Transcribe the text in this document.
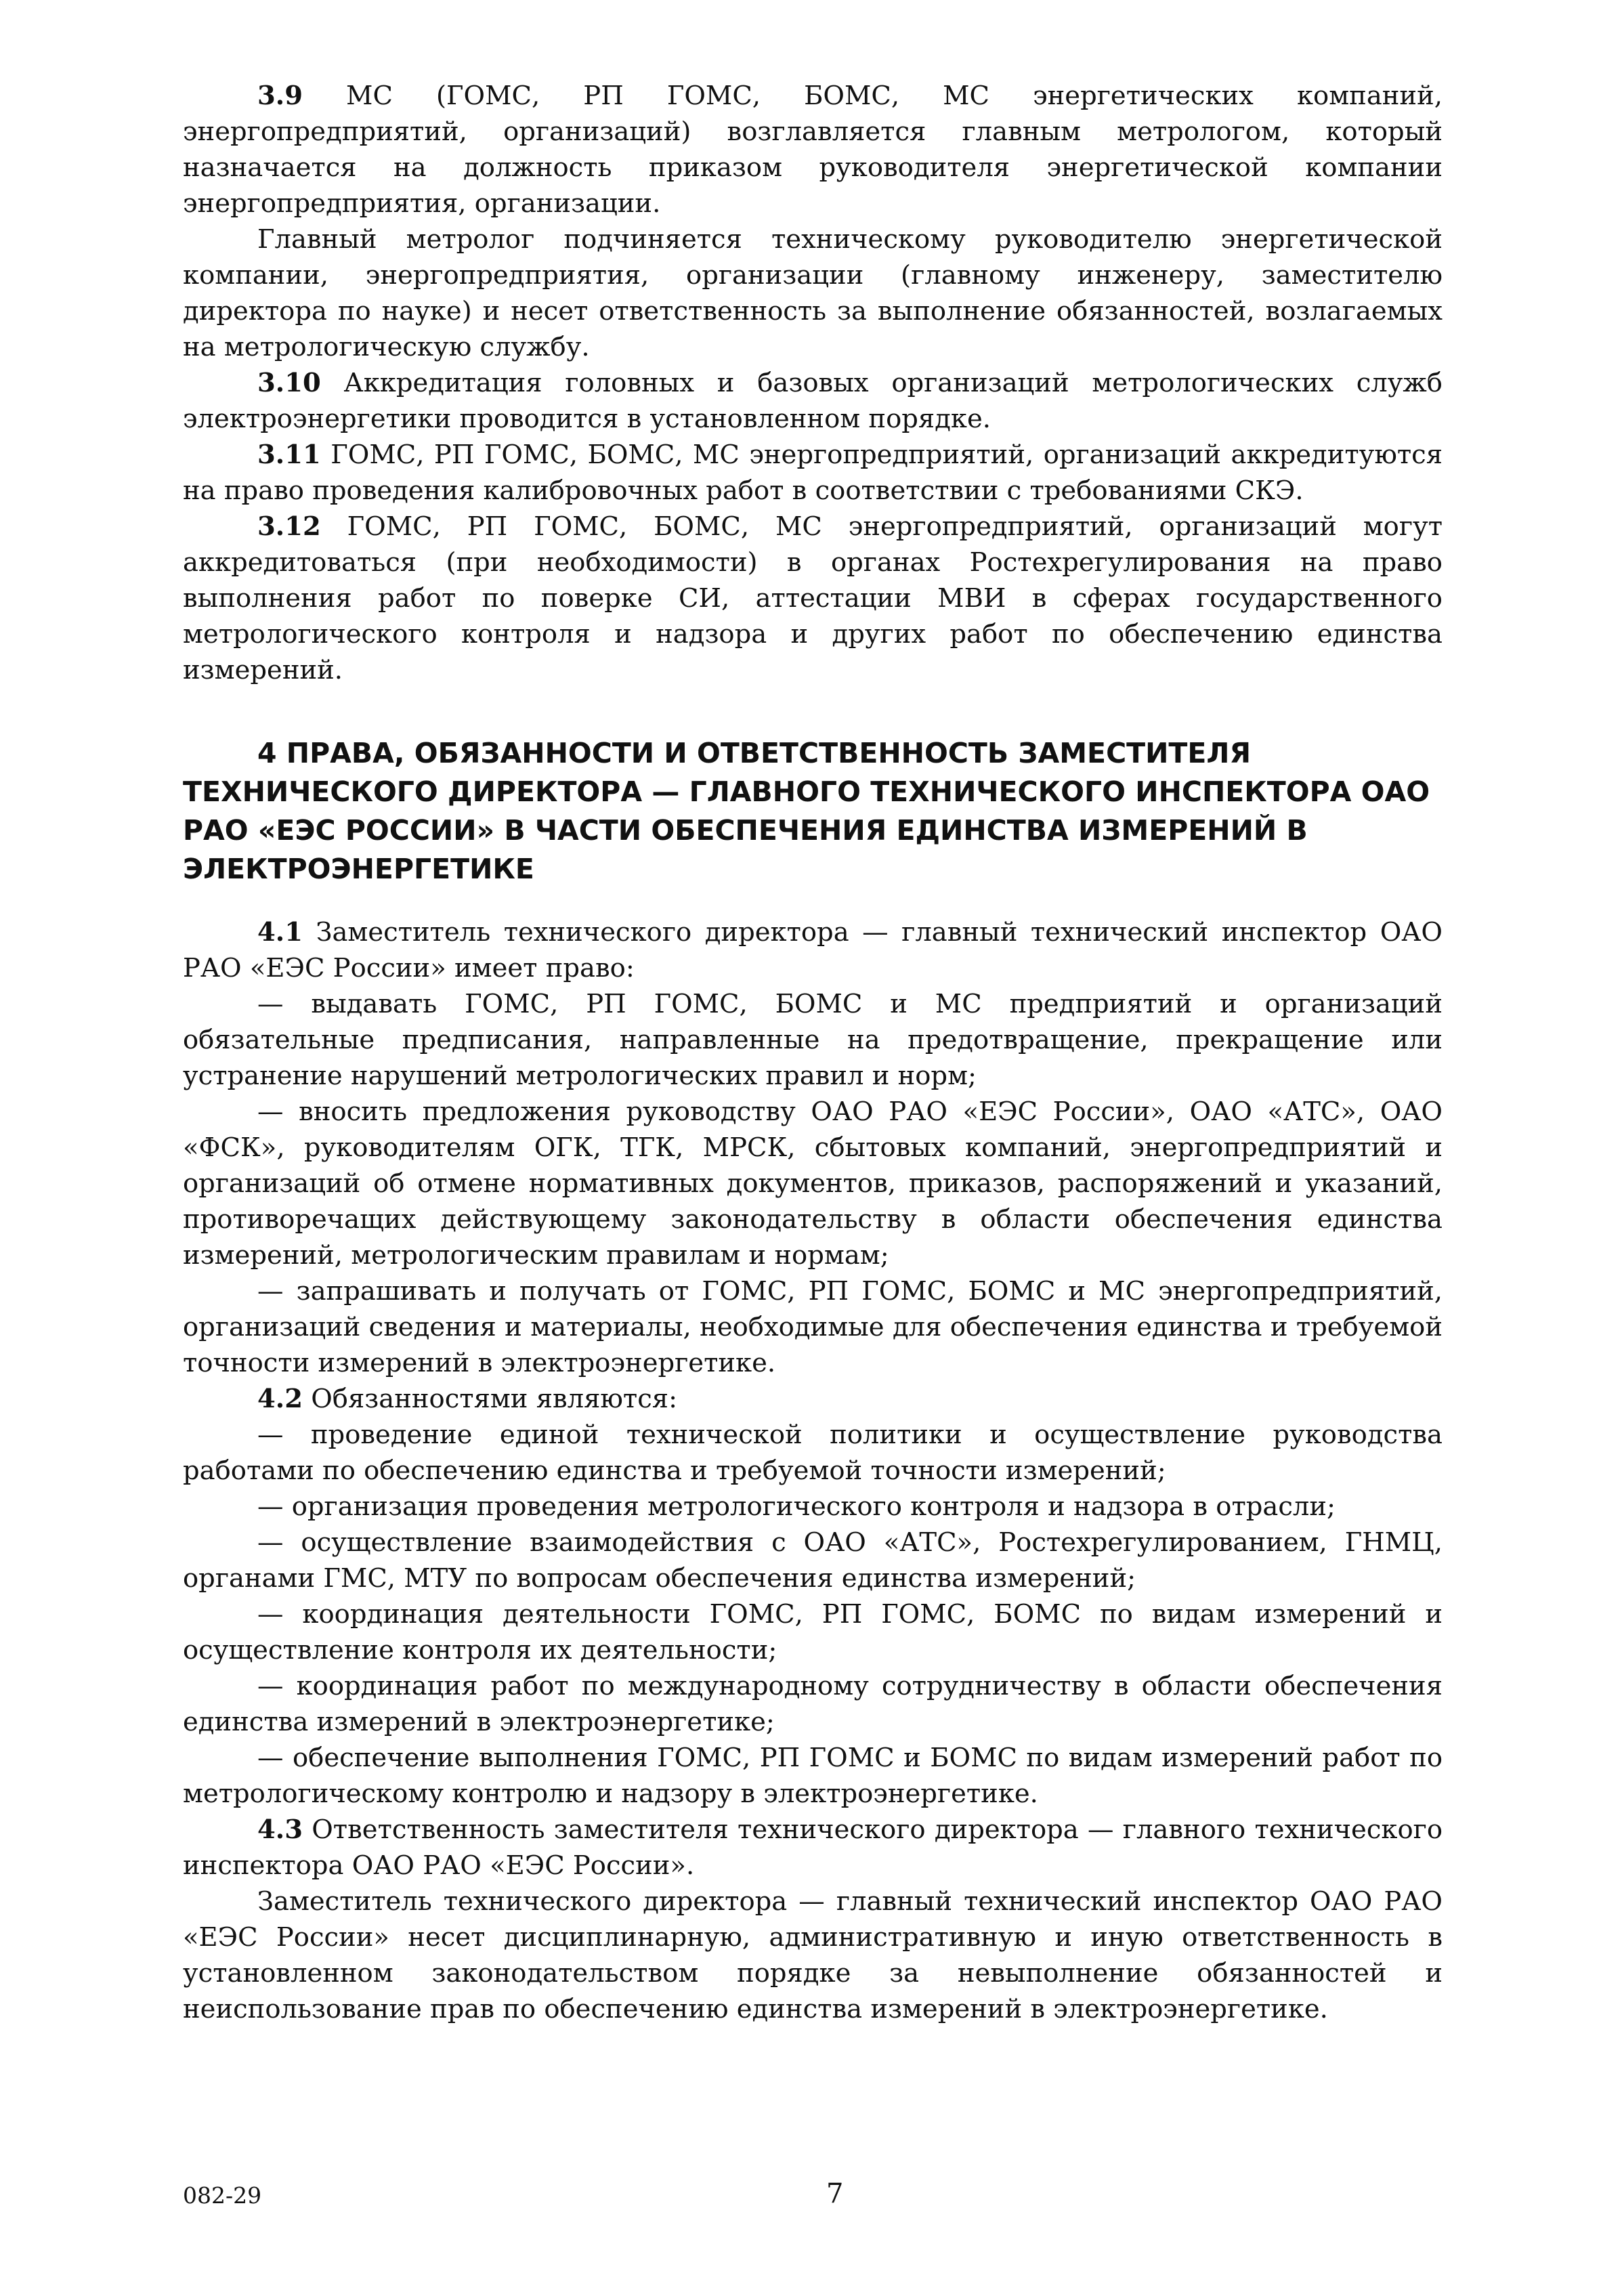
3.9 МС (ГОМС, РП ГОМС, БОМС, МС энергетических компаний, энергопредприятий, организаций) возглавляется главным метрологом, который назначается на должность приказом руководителя энергетической компании энергопредприятия, организации.

Главный метролог подчиняется техническому руководителю энергетической компании, энергопредприятия, организации (главному инженеру, заместителю директора по науке) и несет ответственность за выполнение обязанностей, возлагаемых на метрологическую службу.

3.10 Аккредитация головных и базовых организаций метрологических служб электроэнергетики проводится в установленном порядке.

3.11 ГОМС, РП ГОМС, БОМС, МС энергопредприятий, организаций аккредитуются на право проведения калибровочных работ в соответствии с требованиями СКЭ.

3.12 ГОМС, РП ГОМС, БОМС, МС энергопредприятий, организаций могут аккредитоваться (при необходимости) в органах Ростехрегулирования на право выполнения работ по поверке СИ, аттестации МВИ в сферах государственного метрологического контроля и надзора и других работ по обеспечению единства измерений.

4 ПРАВА, ОБЯЗАННОСТИ И ОТВЕТСТВЕННОСТЬ ЗАМЕСТИТЕЛЯ ТЕХНИЧЕСКОГО ДИРЕКТОРА — ГЛАВНОГО ТЕХНИЧЕСКОГО ИНСПЕКТОРА ОАО РАО «ЕЭС РОССИИ» В ЧАСТИ ОБЕСПЕЧЕНИЯ ЕДИНСТВА ИЗМЕРЕНИЙ В ЭЛЕКТРОЭНЕРГЕТИКЕ

4.1 Заместитель технического директора — главный технический инспектор ОАО РАО «ЕЭС России» имеет право:

— выдавать ГОМС, РП ГОМС, БОМС и МС предприятий и организаций обязательные предписания, направленные на предотвращение, прекращение или устранение нарушений метрологических правил и норм;

— вносить предложения руководству ОАО РАО «ЕЭС России», ОАО «АТС», ОАО «ФСК», руководителям ОГК, ТГК, МРСК, сбытовых компаний, энергопредприятий и организаций об отмене нормативных документов, приказов, распоряжений и указаний, противоречащих действующему законодательству в области обеспечения единства измерений, метрологическим правилам и нормам;

— запрашивать и получать от ГОМС, РП ГОМС, БОМС и МС энергопредприятий, организаций сведения и материалы, необходимые для обеспечения единства и требуемой точности измерений в электроэнергетике.

4.2 Обязанностями являются:

— проведение единой технической политики и осуществление руководства работами по обеспечению единства и требуемой точности измерений;

— организация проведения метрологического контроля и надзора в отрасли;

— осуществление взаимодействия с ОАО «АТС», Ростехрегулированием, ГНМЦ, органами ГМС, МТУ по вопросам обеспечения единства измерений;

— координация деятельности ГОМС, РП ГОМС, БОМС по видам измерений и осуществление контроля их деятельности;

— координация работ по международному сотрудничеству в области обеспечения единства измерений в электроэнергетике;

— обеспечение выполнения ГОМС, РП ГОМС и БОМС по видам измерений работ по метрологическому контролю и надзору в электроэнергетике.

4.3 Ответственность заместителя технического директора — главного технического инспектора ОАО РАО «ЕЭС России».

Заместитель технического директора — главный технический инспектор ОАО РАО «ЕЭС России» несет дисциплинарную, административную и иную ответственность в установленном законодательством порядке за невыполнение обязанностей и неиспользование прав по обеспечению единства измерений в электроэнергетике.

082-29	7
